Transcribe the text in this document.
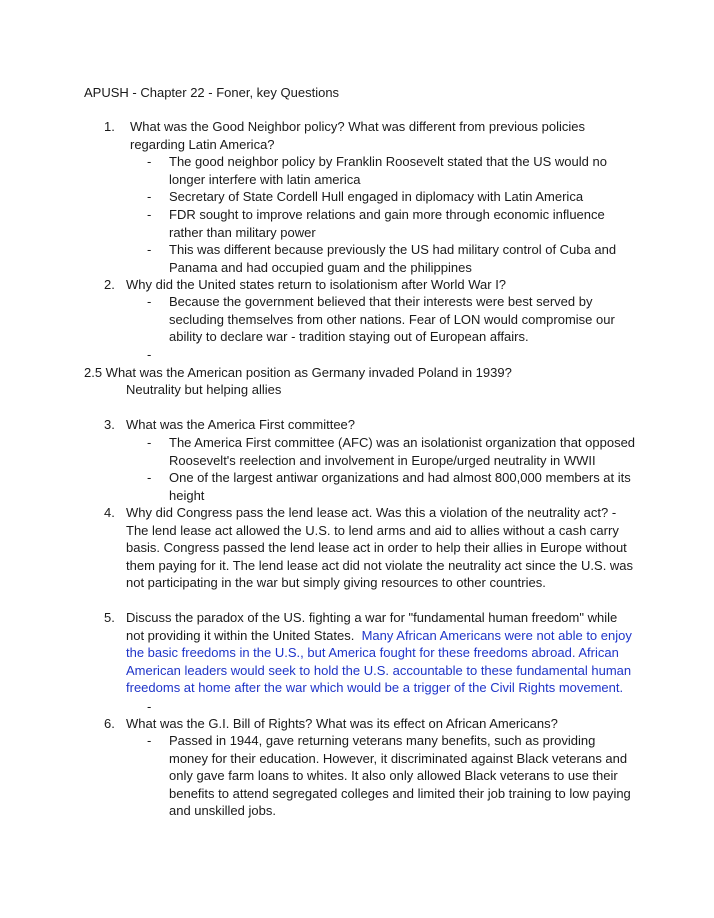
APUSH - Chapter 22 - Foner, key Questions
1.	What was the Good Neighbor policy? What was different from previous policies regarding Latin America?
- The good neighbor policy by Franklin Roosevelt stated that the US would no longer interfere with latin america
- Secretary of State Cordell Hull engaged in diplomacy with Latin America
- FDR sought to improve relations and gain more through economic influence rather than military power
- This was different because previously the US had military control of Cuba and Panama and had occupied guam and the philippines
2. Why did the United states return to isolationism after World War I?
- Because the government believed that their interests were best served by secluding themselves from other nations. Fear of LON would compromise our ability to declare war - tradition staying out of European affairs.
-
2.5 What was the American position as Germany invaded Poland in 1939?
Neutrality but helping allies
3. What was the America First committee?
- The America First committee (AFC) was an isolationist organization that opposed Roosevelt's reelection and involvement in Europe/urged neutrality in WWII
- One of the largest antiwar organizations and had almost 800,000 members at its height
4. Why did Congress pass the lend lease act. Was this a violation of the neutrality act? - The lend lease act allowed the U.S. to lend arms and aid to allies without a cash carry basis. Congress passed the lend lease act in order to help their allies in Europe without them paying for it. The lend lease act did not violate the neutrality act since the U.S. was not participating in the war but simply giving resources to other countries.
5. Discuss the paradox of the US. fighting a war for "fundamental human freedom" while not providing it within the United States. Many African Americans were not able to enjoy the basic freedoms in the U.S., but America fought for these freedoms abroad. African American leaders would seek to hold the U.S. accountable to these fundamental human freedoms at home after the war which would be a trigger of the Civil Rights movement.
-
6. What was the G.I. Bill of Rights? What was its effect on African Americans?
- Passed in 1944, gave returning veterans many benefits, such as providing money for their education. However, it discriminated against Black veterans and only gave farm loans to whites. It also only allowed Black veterans to use their benefits to attend segregated colleges and limited their job training to low paying and unskilled jobs.
